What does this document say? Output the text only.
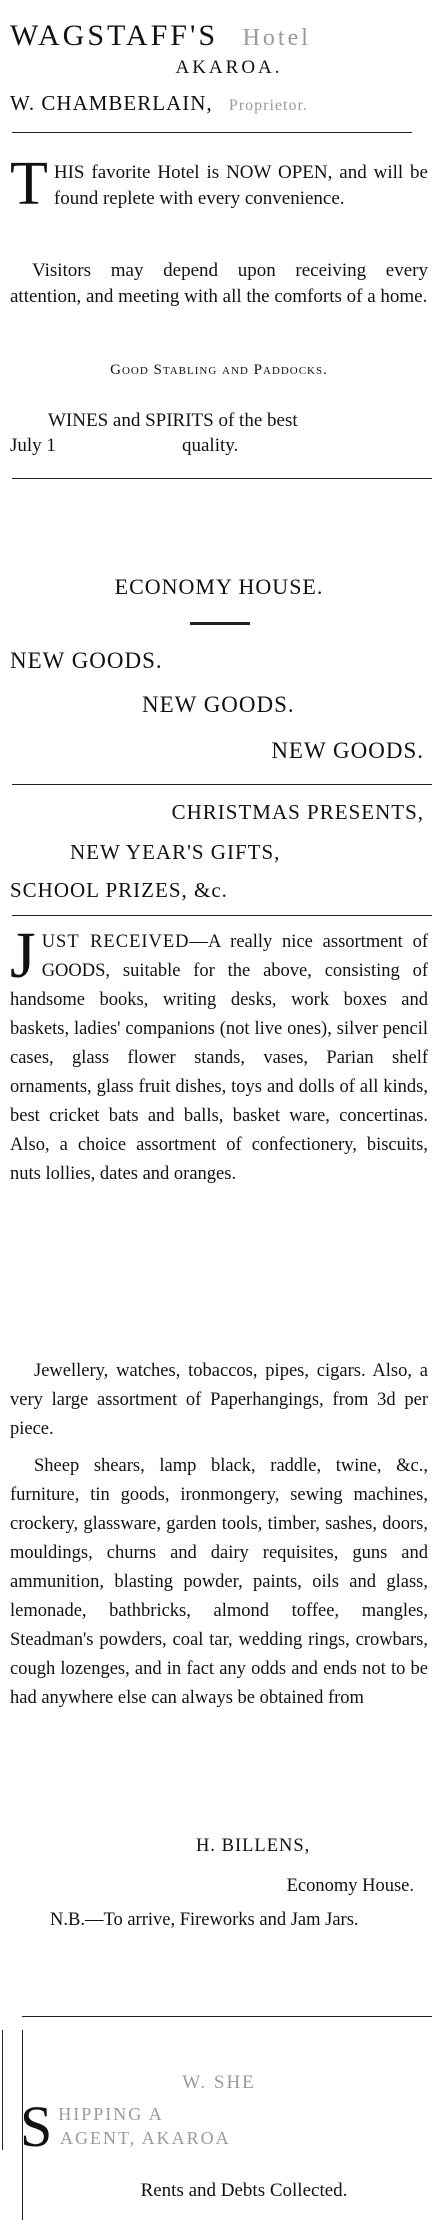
WAGSTAFF'S Hotel
AKAROA.
W. CHAMBERLAIN, Proprietor.
THIS favorite Hotel is NOW OPEN, and will be found replete with every convenience.
Visitors may depend upon receiving every attention, and meeting with all the comforts of a home.
Good Stabling and Paddocks.
WINES and SPIRITS of the best
July 1	quality.
ECONOMY HOUSE.
NEW GOODS.
NEW GOODS.
NEW GOODS.
CHRISTMAS PRESENTS,
NEW YEAR'S GIFTS,
SCHOOL PRIZES, &c.
JUST RECEIVED—A really nice assortment of GOODS, suitable for the above, consisting of handsome books, writing desks, work boxes and baskets, ladies' companions (not live ones), silver pencil cases, glass flower stands, vases, Parian shelf ornaments, glass fruit dishes, toys and dolls of all kinds, best cricket bats and balls, basket ware, concertinas. Also, a choice assortment of confectionery, biscuits, nuts lollies, dates and oranges.
Jewellery, watches, tobaccos, pipes, cigars. Also, a very large assortment of Paperhangings, from 3d per piece.
Sheep shears, lamp black, raddle, twine, &c., furniture, tin goods, ironmongery, sewing machines, crockery, glassware, garden tools, timber, sashes, doors, mouldings, churns and dairy requisites, guns and ammunition, blasting powder, paints, oils and glass, lemonade, bathbricks, almond toffee, mangles, Steadman's powders, coal tar, wedding rings, crowbars, cough lozenges, and in fact any odds and ends not to be had anywhere else can always be obtained from
H. BILLENS,
Economy House.
N.B.—To arrive, Fireworks and Jam Jars.
W. SHE
S HIPPING A
AGENT, AKAROA
Rents and Debts Collected.
